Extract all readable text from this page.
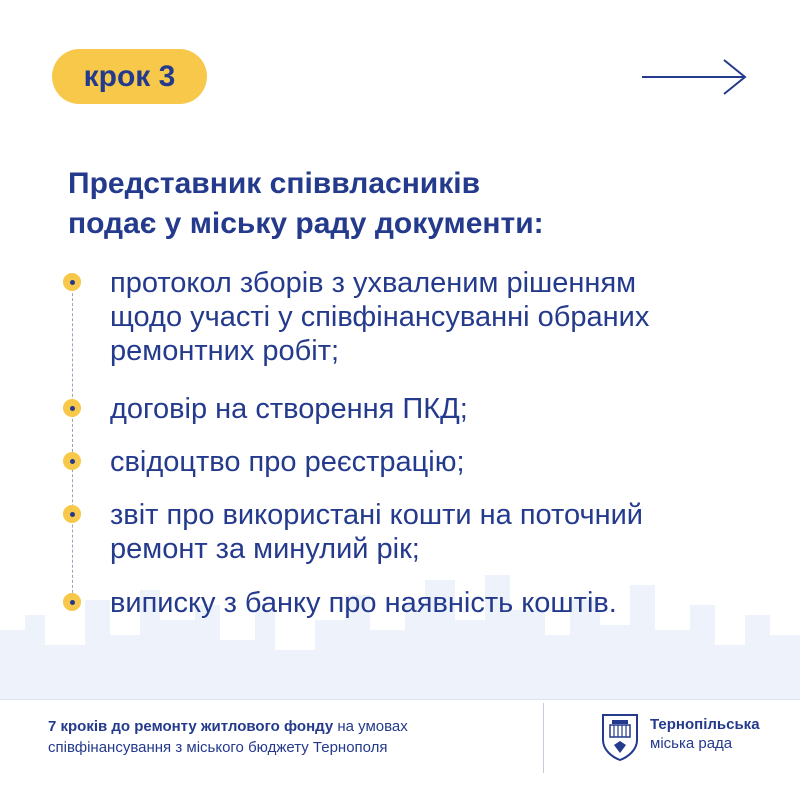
крок 3
Представник співвласників
подає у міську раду документи:
протокол зборів з ухваленим рішенням
щодо участі у співфінансуванні обраних
ремонтних робіт;
договір на створення ПКД;
свідоцтво про реєстрацію;
звіт про використані кошти на поточний
ремонт за минулий рік;
виписку з банку про наявність коштів.
7 кроків до ремонту житлового фонду на умовах
співфінансування з міського бюджету Тернополя
Тернопільська
міська рада
